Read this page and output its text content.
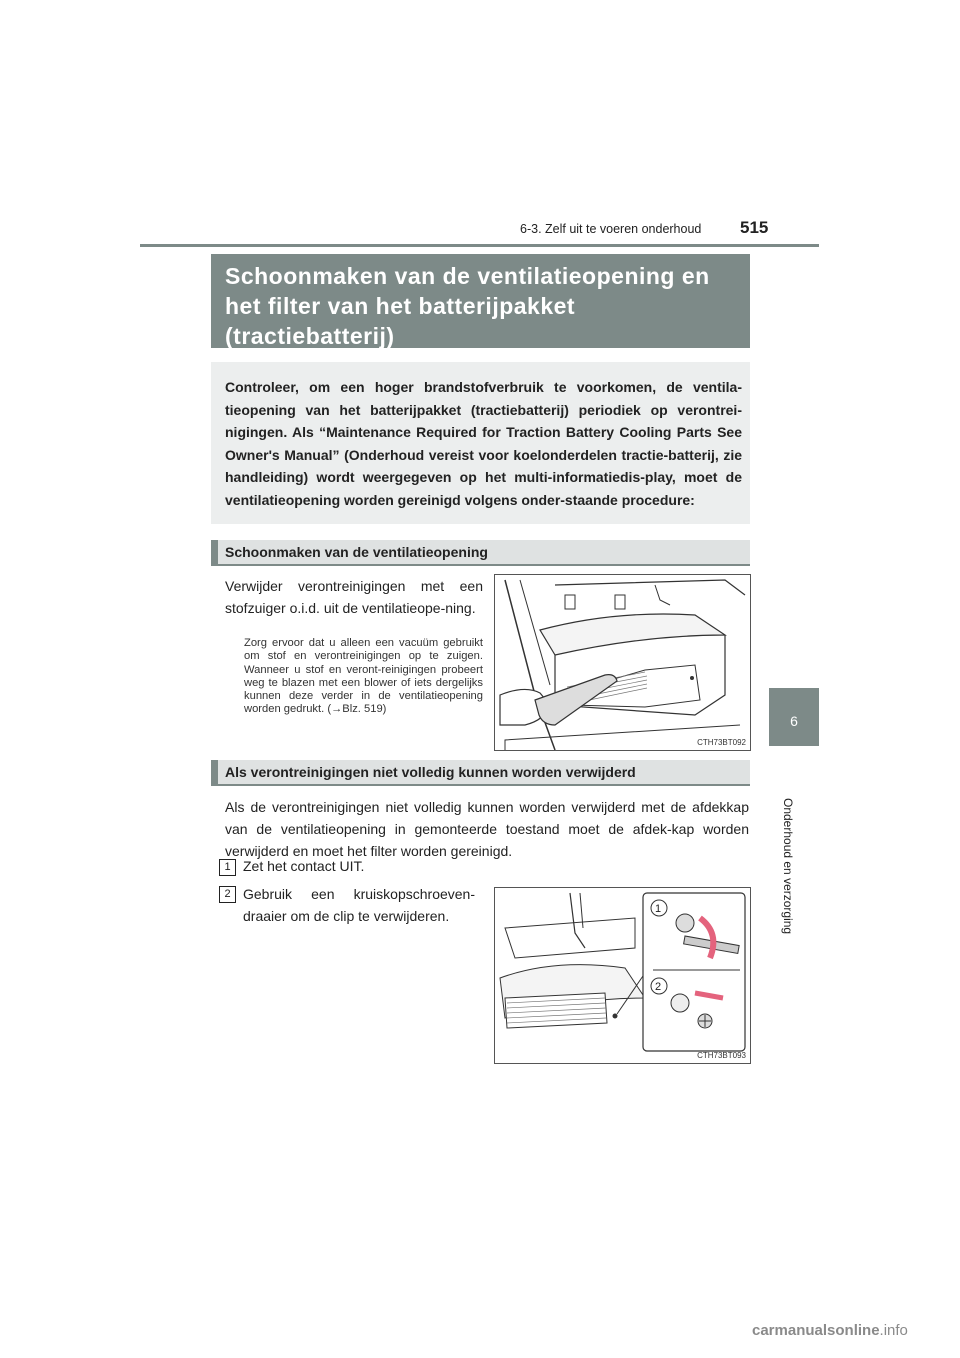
6-3. Zelf uit te voeren onderhoud 515
6
Onderhoud en verzorging
Schoonmaken van de ventilatieopening en
het filter van het batterijpakket
(tractiebatterij)
Controleer, om een hoger brandstofverbruik te voorkomen, de ventila-tieopening van het batterijpakket (tractiebatterij) periodiek op verontrei-nigingen. Als “Maintenance Required for Traction Battery Cooling Parts See Owner's Manual” (Onderhoud vereist voor koelonderdelen tractie-batterij, zie handleiding) wordt weergegeven op het multi-informatiedis-play, moet de ventilatieopening worden gereinigd volgens onder-staande procedure:
Schoonmaken van de ventilatieopening
Verwijder verontreinigingen met een stofzuiger o.i.d. uit de ventilatieope-ning.
Zorg ervoor dat u alleen een vacuüm gebruikt om stof en verontreinigingen op te zuigen. Wanneer u stof en veront-reinigingen probeert weg te blazen met een blower of iets dergelijks kunnen deze verder in de ventilatieopening worden gedrukt. (→Blz. 519)
CTH73BT092
Als verontreinigingen niet volledig kunnen worden verwijderd
Als de verontreinigingen niet volledig kunnen worden verwijderd met de afdekkap van de ventilatieopening in gemonteerde toestand moet de afdek-kap worden verwijderd en moet het filter worden gereinigd.
1 Zet het contact UIT.
2 Gebruik een kruiskopschroeven-draaier om de clip te verwijderen.	1
2
CTH73BT093
carmanualsonline.info
